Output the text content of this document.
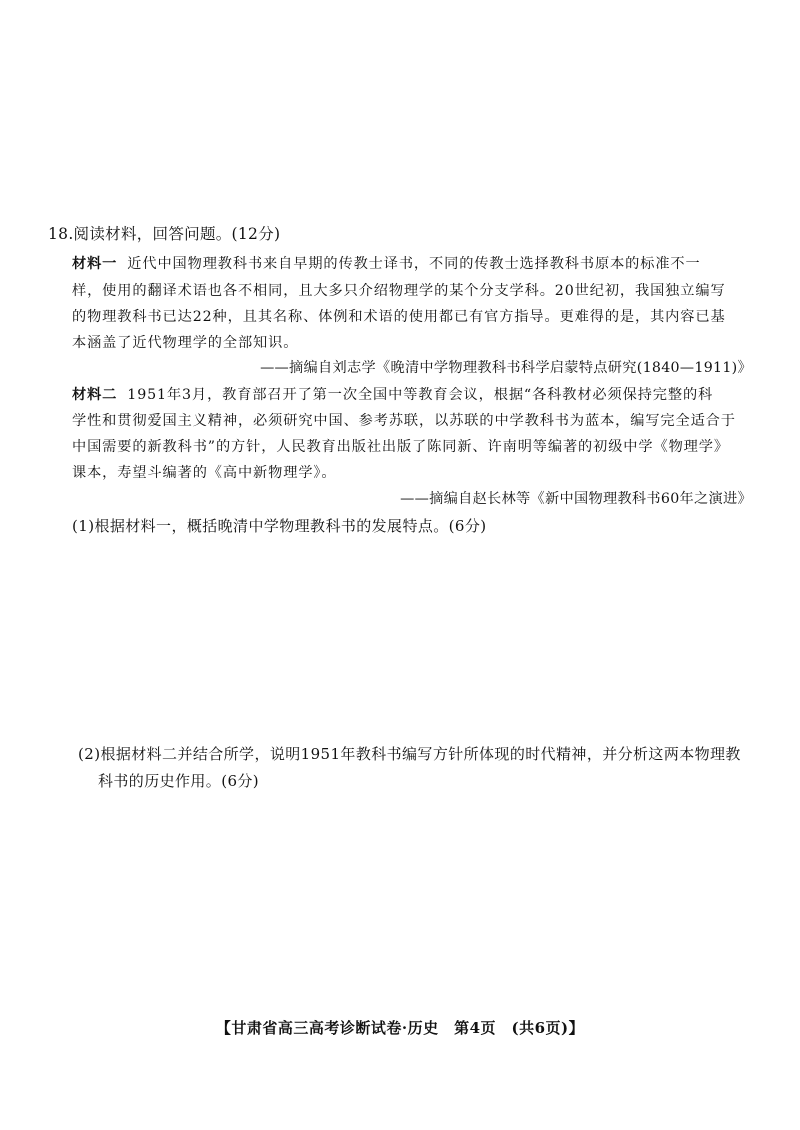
18.阅读材料，回答问题。(12分)
材料一 近代中国物理教科书来自早期的传教士译书，不同的传教士选择教科书原本的标准不一
样，使用的翻译术语也各不相同，且大多只介绍物理学的某个分支学科。20世纪初，我国独立编写
的物理教科书已达22种，且其名称、体例和术语的使用都已有官方指导。更难得的是，其内容已基
本涵盖了近代物理学的全部知识。
——摘编自刘志学《晚清中学物理教科书科学启蒙特点研究(1840—1911)》
材料二 1951年3月，教育部召开了第一次全国中等教育会议，根据“各科教材必须保持完整的科
学性和贯彻爱国主义精神，必须研究中国、参考苏联，以苏联的中学教科书为蓝本，编写完全适合于
中国需要的新教科书”的方针，人民教育出版社出版了陈同新、许南明等编著的初级中学《物理学》
课本，寿望斗编著的《高中新物理学》。
——摘编自赵长林等《新中国物理教科书60年之演进》
(1)根据材料一，概括晚清中学物理教科书的发展特点。(6分)
(2)根据材料二并结合所学，说明1951年教科书编写方针所体现的时代精神，并分析这两本物理教
科书的历史作用。(6分)
【甘肃省高三高考诊断试卷·历史　第4页　(共6页)】
